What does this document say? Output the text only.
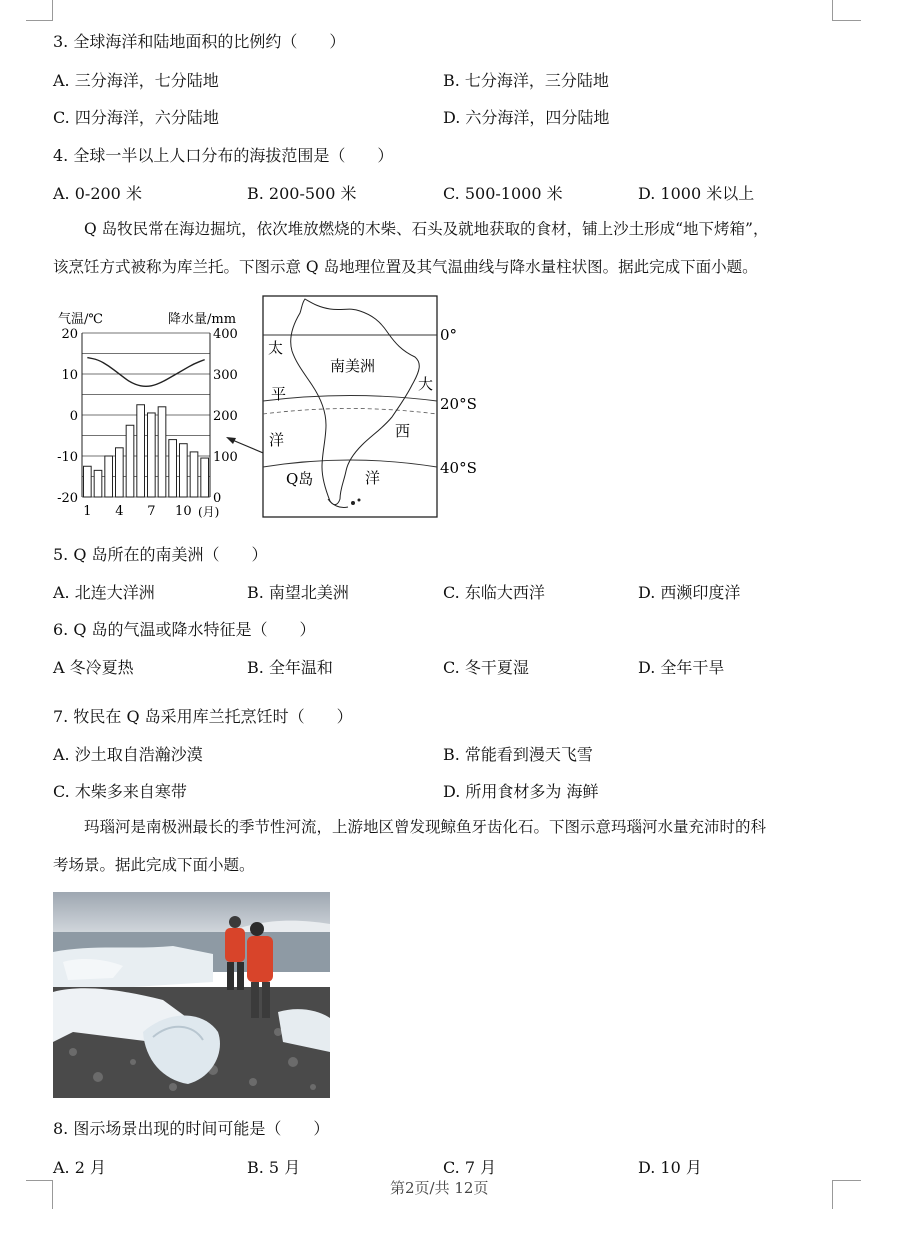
3. 全球海洋和陆地面积的比例约（　　）
A. 三分海洋，七分陆地	B. 七分海洋，三分陆地
C. 四分海洋，六分陆地	D. 六分海洋，四分陆地
4. 全球一半以上人口分布的海拔范围是（　　）
A. 0-200 米	B. 200-500 米	C. 500-1000 米	D. 1000 米以上
Q 岛牧民常在海边掘坑，依次堆放燃烧的木柴、石头及就地获取的食材，铺上沙土形成“地下烤箱”，
该烹饪方式被称为库兰托。下图示意 Q 岛地理位置及其气温曲线与降水量柱状图。据此完成下面小题。
气温/℃	降水量/mm
20
10
0
-10
-20
400
300
200
100
0
1 4 7 10 (月)
南美洲
太
平
洋
大
西
洋
Q岛
0°
20°S
40°S
5. Q 岛所在的南美洲（　　）
A. 北连大洋洲	B. 南望北美洲	C. 东临大西洋	D. 西濒印度洋
6. Q 岛的气温或降水特征是（　　）
A 冬冷夏热	B. 全年温和	C. 冬干夏湿	D. 全年干旱
7. 牧民在 Q 岛采用库兰托烹饪时（　　）
A. 沙土取自浩瀚沙漠	B. 常能看到漫天飞雪
C. 木柴多来自寒带	D. 所用食材多为 海鲜
玛瑙河是南极洲最长的季节性河流，上游地区曾发现鲸鱼牙齿化石。下图示意玛瑙河水量充沛时的科
考场景。据此完成下面小题。
8. 图示场景出现的时间可能是（　　）
A. 2 月	B. 5 月	C. 7 月	D. 10 月
第2页/共 12页
